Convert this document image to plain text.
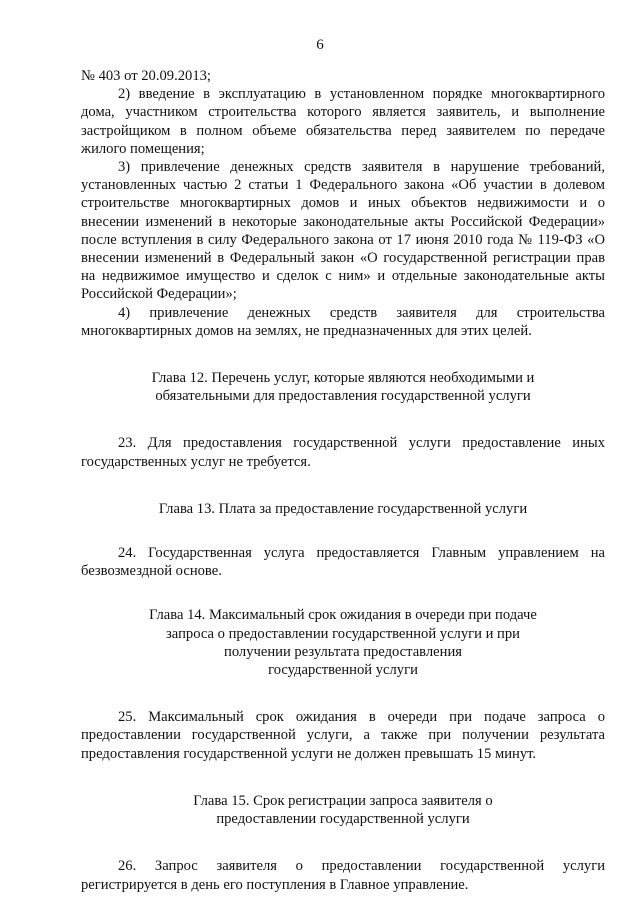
6

№ 403 от 20.09.2013;

2) введение в эксплуатацию в установленном порядке многоквартирного дома, участником строительства которого является заявитель, и выполнение застройщиком в полном объеме обязательства перед заявителем по передаче жилого помещения;

3) привлечение денежных средств заявителя в нарушение требований, установленных частью 2 статьи 1 Федерального закона «Об участии в долевом строительстве многоквартирных домов и иных объектов недвижимости и о внесении изменений в некоторые законодательные акты Российской Федерации» после вступления в силу Федерального закона от 17 июня 2010 года № 119-ФЗ «О внесении изменений в Федеральный закон «О государственной регистрации прав на недвижимое имущество и сделок с ним» и отдельные законодательные акты Российской Федерации»;

4) привлечение денежных средств заявителя для строительства многоквартирных домов на землях, не предназначенных для этих целей.

Глава 12. Перечень услуг, которые являются необходимыми и
обязательными для предоставления государственной услуги

23. Для предоставления государственной услуги предоставление иных государственных услуг не требуется.

Глава 13. Плата за предоставление государственной услуги

24. Государственная услуга предоставляется Главным управлением на безвозмездной основе.

Глава 14. Максимальный срок ожидания в очереди при подаче
запроса о предоставлении государственной услуги и при
получении результата предоставления
государственной услуги

25. Максимальный срок ожидания в очереди при подаче запроса о предоставлении государственной услуги, а также при получении результата предоставления государственной услуги не должен превышать 15 минут.

Глава 15. Срок регистрации запроса заявителя о
предоставлении государственной услуги

26. Запрос заявителя о предоставлении государственной услуги регистрируется в день его поступления в Главное управление.
